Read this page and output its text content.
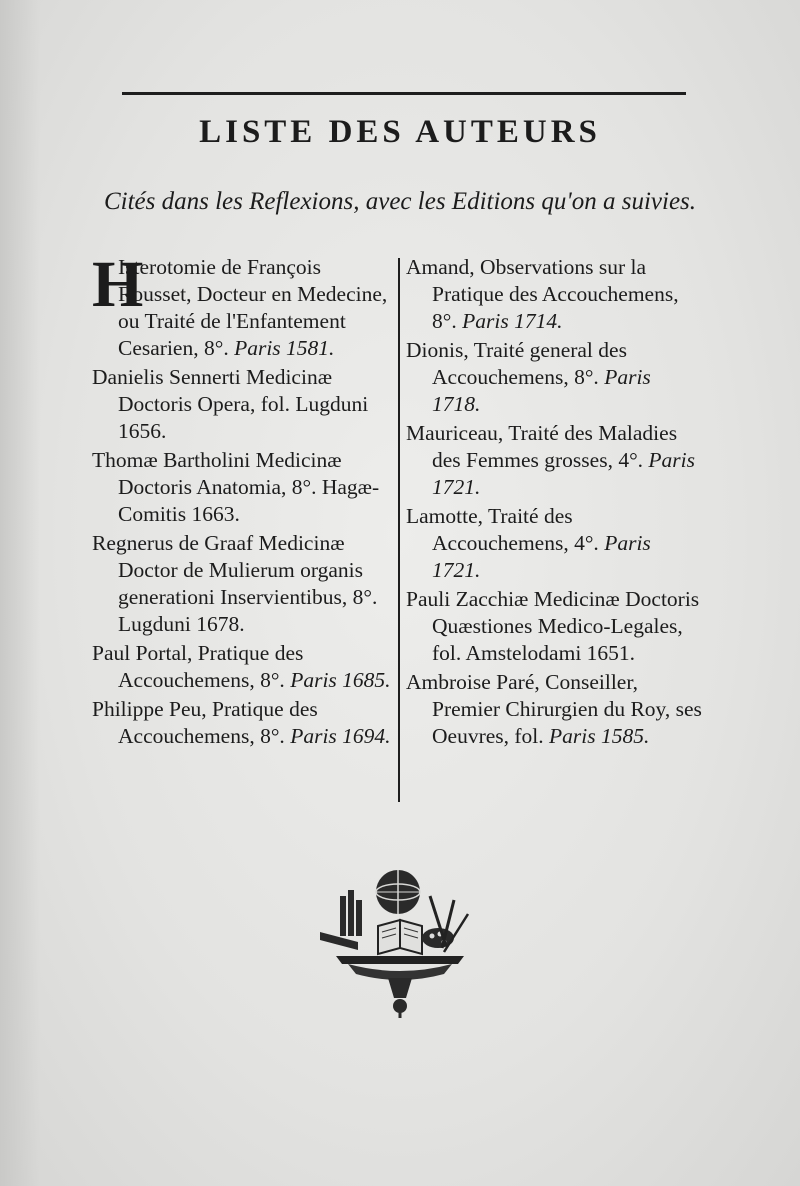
LISTE DES AUTEURS
Cités dans les Reflexions, avec les Editions qu'on a suivies.
H
Isterotomie de François Rousset, Docteur en Medecine, ou Traité de l'Enfantement Cesarien, 8°. Paris 1581.
Danielis Sennerti Medicinæ Doctoris Opera, fol. Lugduni 1656.
Thomæ Bartholini Medicinæ Doctoris Anatomia, 8°. Hagæ-Comitis 1663.
Regnerus de Graaf Medicinæ Doctor de Mulierum organis generationi Inservientibus, 8°. Lugduni 1678.
Paul Portal, Pratique des Accouchemens, 8°. Paris 1685.
Philippe Peu, Pratique des Accouchemens, 8°. Paris 1694.
Amand, Observations sur la Pratique des Accouchemens, 8°. Paris 1714.
Dionis, Traité general des Accouchemens, 8°. Paris 1718.
Mauriceau, Traité des Maladies des Femmes grosses, 4°. Paris 1721.
Lamotte, Traité des Accouchemens, 4°. Paris 1721.
Pauli Zacchiæ Medicinæ Doctoris Quæstiones Medico-Legales, fol. Amstelodami 1651.
Ambroise Paré, Conseiller, Premier Chirurgien du Roy, ses Oeuvres, fol. Paris 1585.
